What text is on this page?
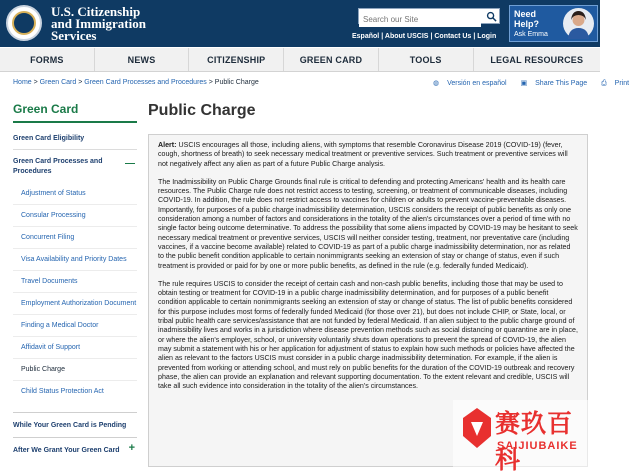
U.S. Citizenship
and Immigration
Services
Search our Site	Español | About USCIS | Contact Us | Login
Need
Help?
Ask Emma
FORMS	NEWS	CITIZENSHIP	GREEN CARD	TOOLS	LEGAL RESOURCES
Home > Green Card > Green Card Processes and Procedures > Public Charge	◍ Versión en español ▣ Share This Page ⎙ Print
Green Card
Green Card Eligibility
Green Card Processes and Procedures
—
Adjustment of Status
Consular Processing
Concurrent Filing
Visa Availability and Priority Dates
Travel Documents
Employment Authorization Document
Finding a Medical Doctor
Affidavit of Support
Public Charge
Child Status Protection Act
While Your Green Card is Pending
After We Grant Your Green Card +
Public Charge

Alert: USCIS encourages all those, including aliens, with symptoms that resemble Coronavirus Disease 2019 (COVID-19) (fever, cough, shortness of breath) to seek necessary medical treatment or preventive services. Such treatment or preventive services will not negatively affect any alien as part of a future Public Charge analysis.

The Inadmissibility on Public Charge Grounds final rule is critical to defending and protecting Americans' health and its health care resources. The Public Charge rule does not restrict access to testing, screening, or treatment of communicable diseases, including COVID-19. In addition, the rule does not restrict access to vaccines for children or adults to prevent vaccine-preventable diseases. Importantly, for purposes of a public charge inadmissibility determination, USCIS considers the receipt of public benefits as only one consideration among a number of factors and considerations in the totality of the alien's circumstances over a period of time with no single factor being outcome determinative. To address the possibility that some aliens impacted by COVID-19 may be hesitant to seek necessary medical treatment or preventive services, USCIS will neither consider testing, treatment, nor preventative care (including vaccines, if a vaccine become available) related to COVID-19 as part of a public charge inadmissibility determination, nor as related to the public benefit condition applicable to certain nonimmigrants seeking an extension of stay or change of status, even if such treatment is provided or paid for by one or more public benefits, as defined in the rule (e.g. federally funded Medicaid).

The rule requires USCIS to consider the receipt of certain cash and non-cash public benefits, including those that may be used to obtain testing or treatment for COVID-19 in a public charge inadmissibility determination, and for purposes of a public benefit condition applicable to certain nonimmigrants seeking an extension of stay or change of status. The list of public benefits considered for this purpose includes most forms of federally funded Medicaid (for those over 21), but does not include CHIP, or State, local, or tribal public health care services/assistance that are not funded by federal Medicaid. If an alien subject to the public charge ground of inadmissibility lives and works in a jurisdiction where disease prevention methods such as social distancing or quarantine are in place, or where the alien's employer, school, or university voluntarily shuts down operations to prevent the spread of COVID-19, the alien may submit a statement with his or her application for adjustment of status to explain how such methods or policies have affected the alien as relevant to the factors USCIS must consider in a public charge inadmissibility determination. For example, if the alien is prevented from working or attending school, and must rely on public benefits for the duration of the COVID-19 outbreak and recovery phase, the alien can provide an explanation and relevant supporting documentation. To the extent relevant and credible, USCIS will take all such evidence into consideration in the totality of the alien's circumstances.

赛玖百科
SAIJIUBAIKE
